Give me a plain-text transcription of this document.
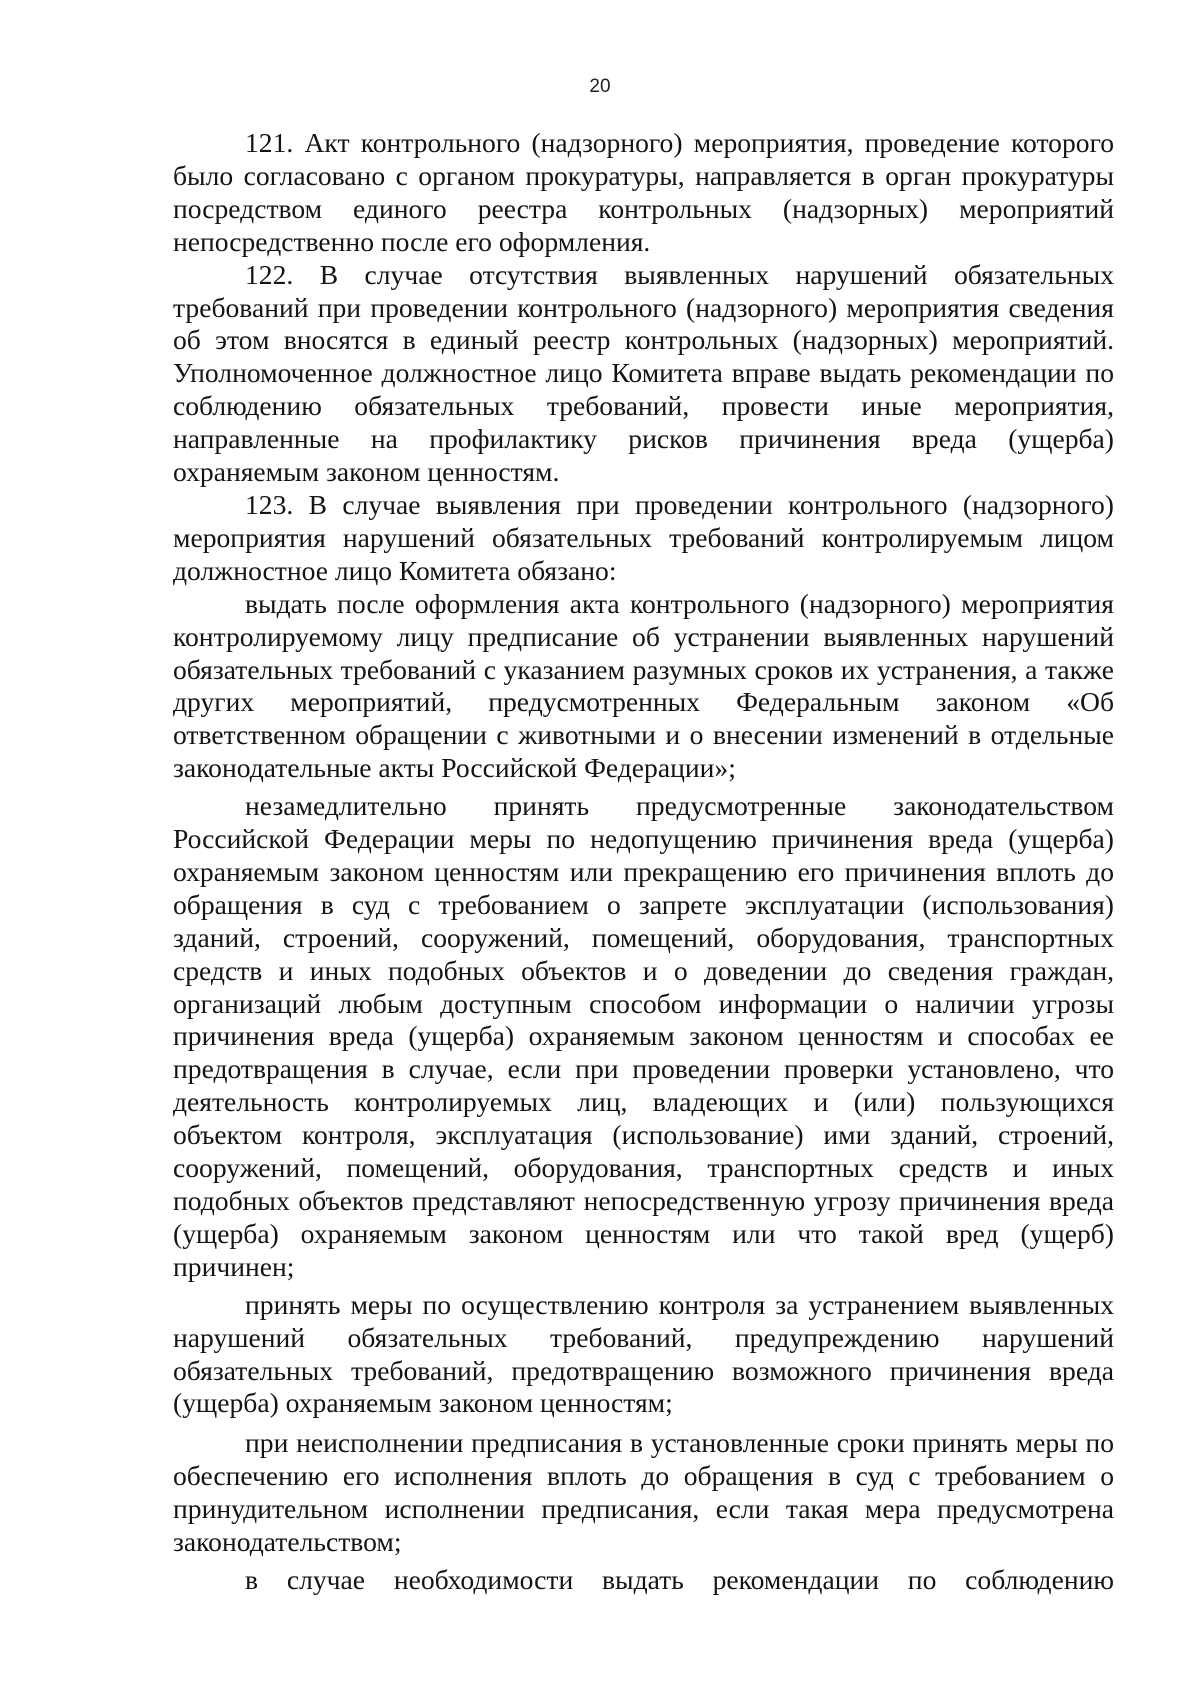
20

121. Акт контрольного (надзорного) мероприятия, проведение которого было согласовано с органом прокуратуры, направляется в орган прокуратуры посредством единого реестра контрольных (надзорных) мероприятий непосредственно после его оформления.

122. В случае отсутствия выявленных нарушений обязательных требований при проведении контрольного (надзорного) мероприятия сведения об этом вносятся в единый реестр контрольных (надзорных) мероприятий. Уполномоченное должностное лицо Комитета вправе выдать рекомендации по соблюдению обязательных требований, провести иные мероприятия, направленные на профилактику рисков причинения вреда (ущерба) охраняемым законом ценностям.

123. В случае выявления при проведении контрольного (надзорного) мероприятия нарушений обязательных требований контролируемым лицом должностное лицо Комитета обязано:

выдать после оформления акта контрольного (надзорного) мероприятия контролируемому лицу предписание об устранении выявленных нарушений обязательных требований с указанием разумных сроков их устранения, а также других мероприятий, предусмотренных Федеральным законом «Об ответственном обращении с животными и о внесении изменений в отдельные законодательные акты Российской Федерации»;

незамедлительно принять предусмотренные законодательством Российской Федерации меры по недопущению причинения вреда (ущерба) охраняемым законом ценностям или прекращению его причинения вплоть до обращения в суд с требованием о запрете эксплуатации (использования) зданий, строений, сооружений, помещений, оборудования, транспортных средств и иных подобных объектов и о доведении до сведения граждан, организаций любым доступным способом информации о наличии угрозы причинения вреда (ущерба) охраняемым законом ценностям и способах ее предотвращения в случае, если при проведении проверки установлено, что деятельность контролируемых лиц, владеющих и (или) пользующихся объектом контроля, эксплуатация (использование) ими зданий, строений, сооружений, помещений, оборудования, транспортных средств и иных подобных объектов представляют непосредственную угрозу причинения вреда (ущерба) охраняемым законом ценностям или что такой вред (ущерб) причинен;

принять меры по осуществлению контроля за устранением выявленных нарушений обязательных требований, предупреждению нарушений обязательных требований, предотвращению возможного причинения вреда (ущерба) охраняемым законом ценностям;

при неисполнении предписания в установленные сроки принять меры по обеспечению его исполнения вплоть до обращения в суд с требованием о принудительном исполнении предписания, если такая мера предусмотрена законодательством;

в случае необходимости выдать рекомендации по соблюдению
